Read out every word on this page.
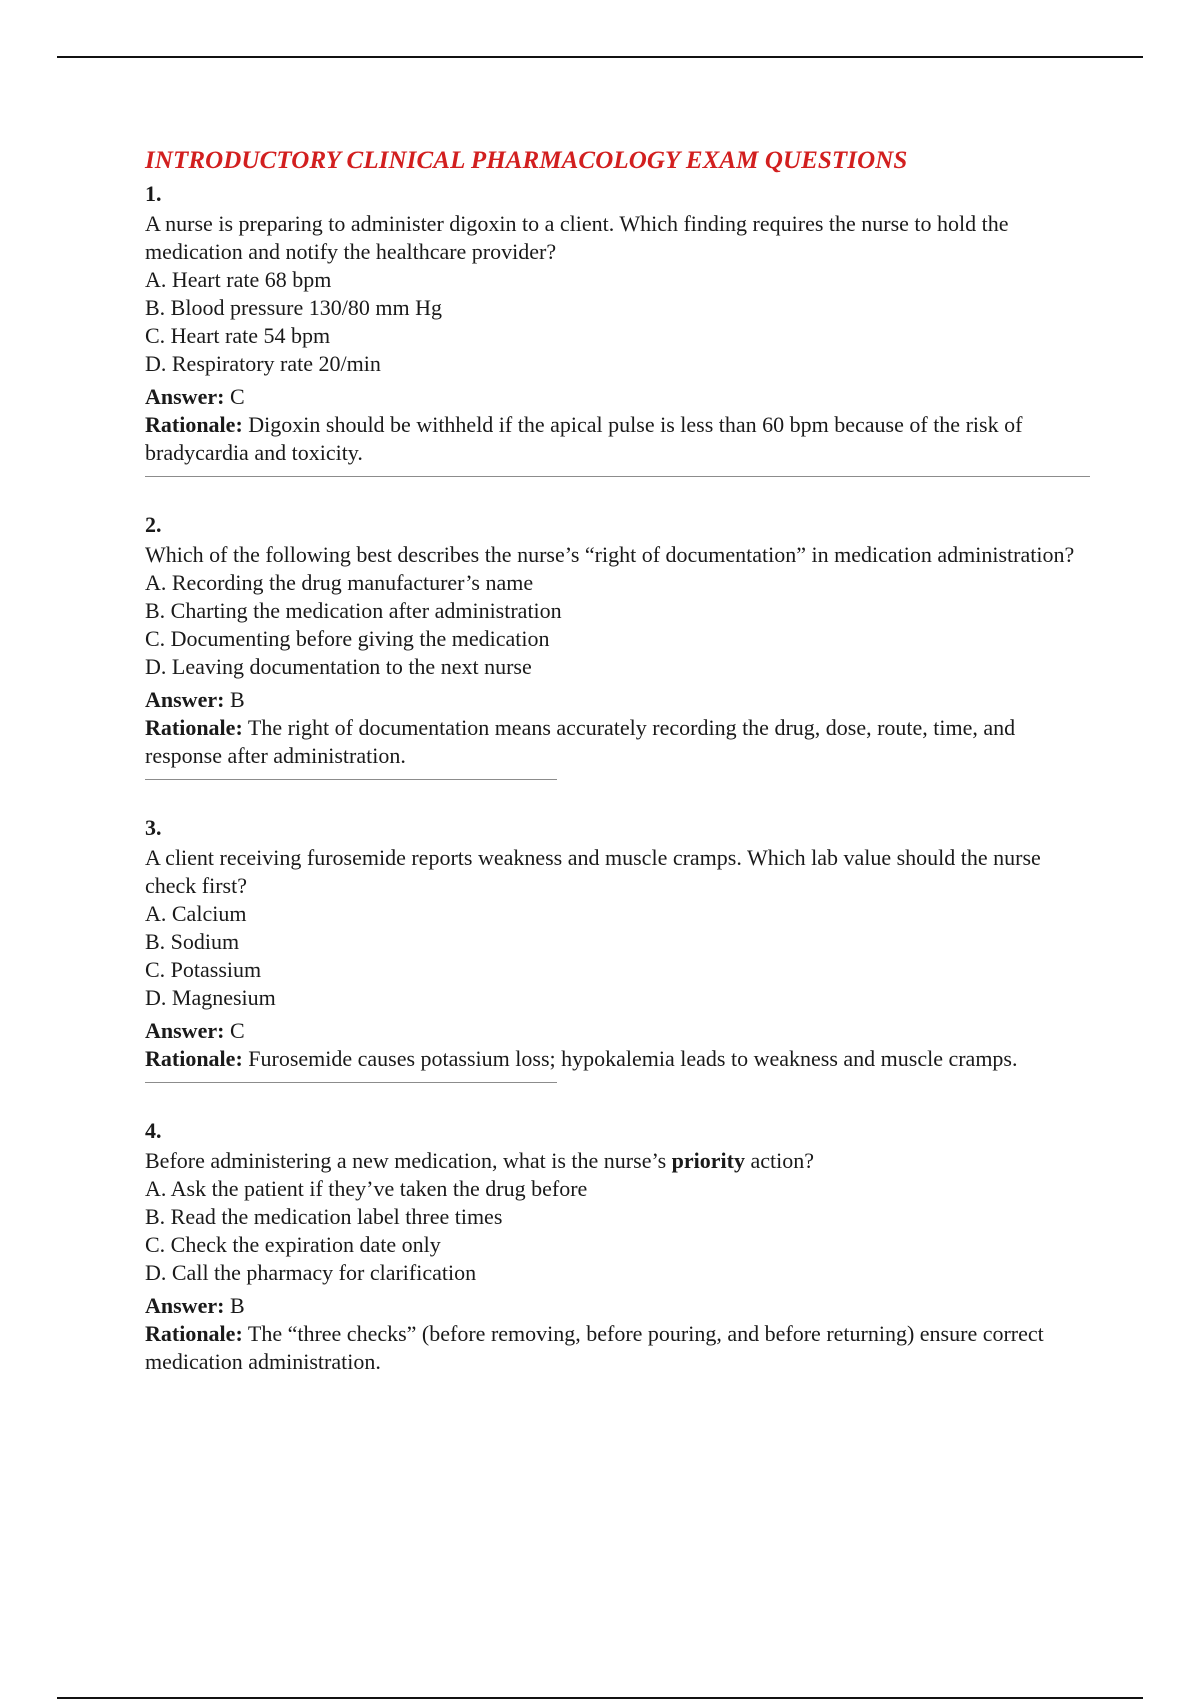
INTRODUCTORY CLINICAL PHARMACOLOGY EXAM QUESTIONS
1.
A nurse is preparing to administer digoxin to a client. Which finding requires the nurse to hold the medication and notify the healthcare provider?
A. Heart rate 68 bpm
B. Blood pressure 130/80 mm Hg
C. Heart rate 54 bpm
D. Respiratory rate 20/min
Answer: C
Rationale: Digoxin should be withheld if the apical pulse is less than 60 bpm because of the risk of bradycardia and toxicity.
2.
Which of the following best describes the nurse’s “right of documentation” in medication administration?
A. Recording the drug manufacturer’s name
B. Charting the medication after administration
C. Documenting before giving the medication
D. Leaving documentation to the next nurse
Answer: B
Rationale: The right of documentation means accurately recording the drug, dose, route, time, and response after administration.
3.
A client receiving furosemide reports weakness and muscle cramps. Which lab value should the nurse check first?
A. Calcium
B. Sodium
C. Potassium
D. Magnesium
Answer: C
Rationale: Furosemide causes potassium loss; hypokalemia leads to weakness and muscle cramps.
4.
Before administering a new medication, what is the nurse’s priority action?
A. Ask the patient if they’ve taken the drug before
B. Read the medication label three times
C. Check the expiration date only
D. Call the pharmacy for clarification
Answer: B
Rationale: The “three checks” (before removing, before pouring, and before returning) ensure correct medication administration.
